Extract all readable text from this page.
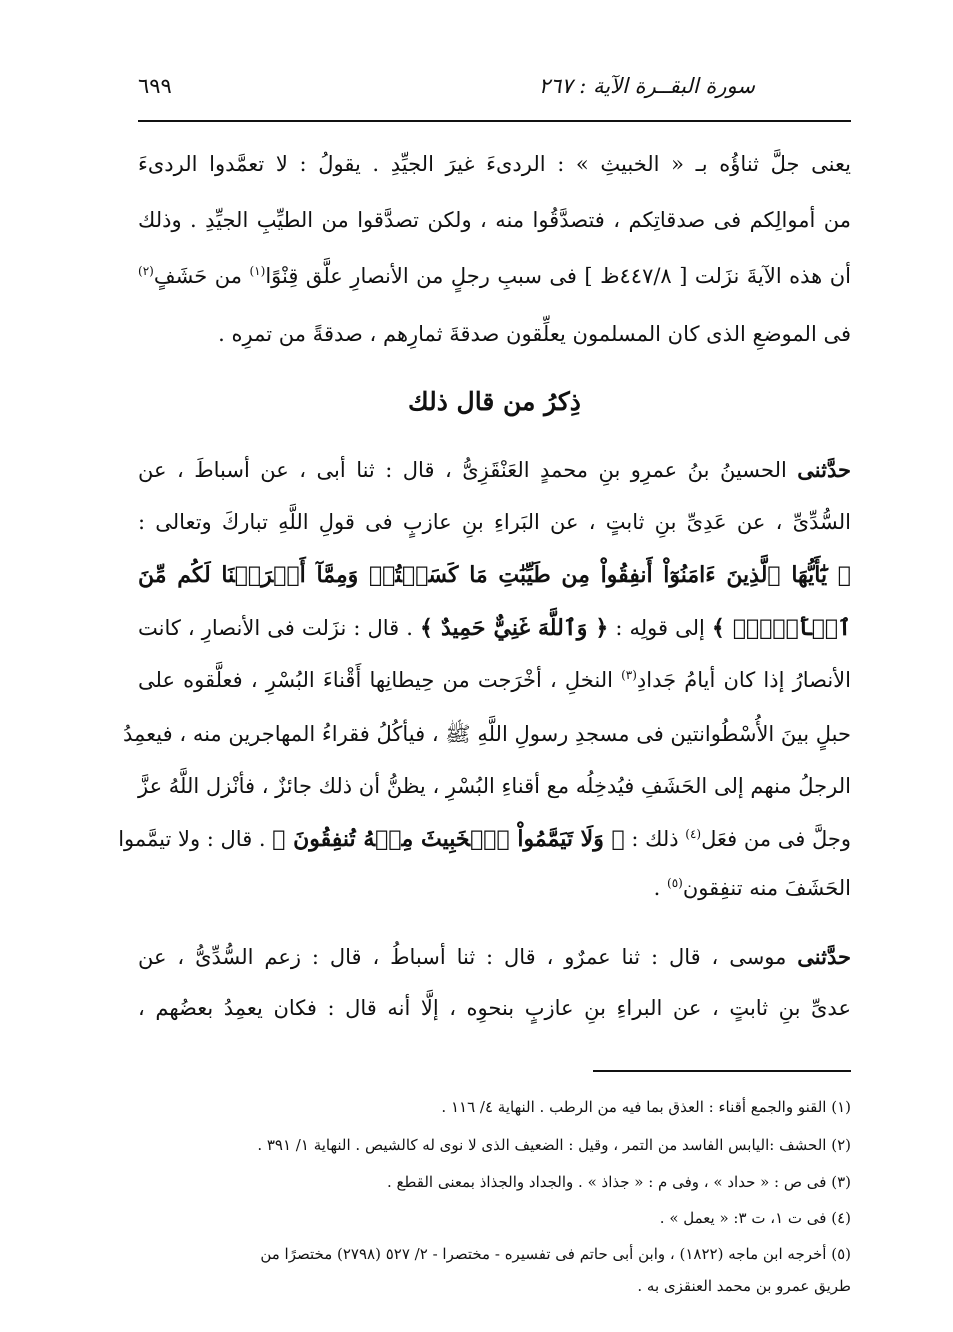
سورة البقــرة الآية : ٢٦٧
٦٩٩
يعنى جلَّ ثناؤُه بـ « الخبيثِ » : الردىءَ غيرَ الجيِّدِ . يقولُ : لا تعمَّدوا الردىءَ
من أموالِكم فى صدقاتِكم ، فتصدَّقُوا منه ، ولكن تصدَّقوا من الطيِّبِ الجيِّدِ . وذلك
أن هذه الآيةَ نزَلت [ ٤٤٧/٨ظ ] فى سببِ رجلٍ من الأنصارِ علَّق قِنْوًا$^{(١)}$ من حَشَفٍ$^{(٢)}$
فى الموضعِ الذى كان المسلمون يعلِّقون صدقةَ ثمارِهم ، صدقةً من تمرِه .
ذِكرُ من قال ذلك
حدَّثنى الحسينُ بنُ عمرِو بنِ محمدٍ العَنْقَزِىُّ ، قال : ثنا أبى ، عن أسباطَ ، عن
السُّدِّىِّ ، عن عَدِىِّ بنِ ثابتٍ ، عن البَراءِ بنِ عازبٍ فى قولِ اللَّهِ تباركَ وتعالى :
﴿ يَٰٓأَيُّهَا ٱلَّذِينَ ءَامَنُوٓاْ أَنفِقُواْ مِن طَيِّبَٰتِ مَا كَسَبۡتُمۡ وَمِمَّآ أَخۡرَجۡنَا لَكُم مِّنَ
ٱلۡأَرۡضِۖ ﴾ إلى قولِه : ﴿ وَٱللَّهَ غَنِيٌّ حَمِيدٌ ﴾ . قال : نزَلت فى الأنصارِ ، كانت
الأنصارُ إذا كان أيامُ جَدادِ$^{(٣)}$ النخلِ ، أخْرَجت من حِيطانِها أَقْناءَ البُسْرِ ، فعلَّقوه على
حبلٍ بينَ الأُسْطُوانتين فى مسجدِ رسولِ اللَّهِ ﷺ ، فيأكُلُ فقراءُ المهاجرين منه ، فيعمِدُ
الرجلُ منهم إلى الحَشَفِ فيُدخِلُه مع أقناءِ البُسْرِ ، يظنُّ أن ذلك جائزٌ ، فأنْزل اللَّهُ عزَّ
وجلَّ فى من فعَل$^{(٤)}$ ذلك : ﴿ وَلَا تَيَمَّمُواْ ٱلۡخَبِيثَ مِنۡهُ تُنفِقُونَ ﴾ . قال : ولا تيمَّموا
الحَشَفَ منه تنفِقون$^{(٥)}$ .
حدَّثنى موسى ، قال : ثنا عمرٌو ، قال : ثنا أسباطُ ، قال : زعم السُّدِّىُّ ، عن
عدىِّ بنِ ثابتٍ ، عن البراءِ بنِ عازبٍ بنحوِه ، إلَّا أنه قال : فكان يعمِدُ بعضُهم ،
(١) القنو والجمع أقناء : العذق بما فيه من الرطب . النهاية ٤/ ١١٦ .
(٢) الحشف :اليابس الفاسد من التمر ، وقيل : الضعيف الذى لا نوى له كالشيص . النهاية ١/ ٣٩١ .
(٣) فى ص : « حداد » ، وفى م : « جذاذ » . والجداد والجذاذ بمعنى القطع .
(٤) فى ت ١، ت ٣: « يعمل » .
(٥) أخرجه ابن ماجه (١٨٢٢) ، وابن أبى حاتم فى تفسيره - مختصرا - ٢/ ٥٢٧ (٢٧٩٨) مختصرًا من
طريق عمرو بن محمد العنقزى به .
